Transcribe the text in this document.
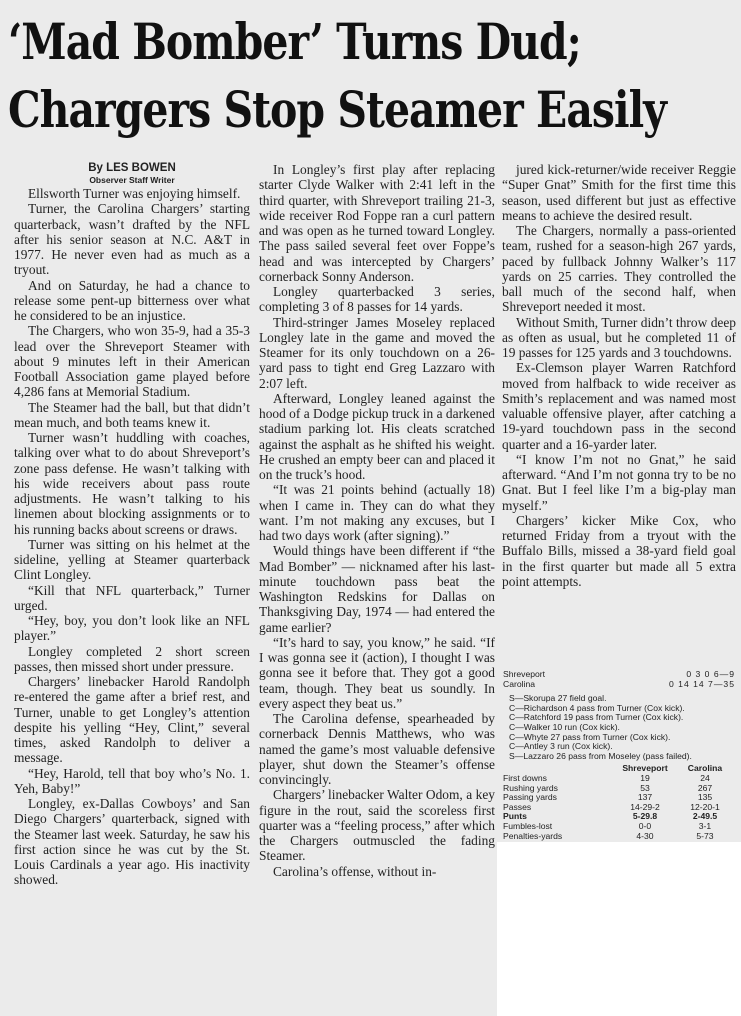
‘Mad Bomber’ Turns Dud;
Chargers Stop Steamer Easily
By LES BOWEN
Observer Staff Writer

Ellsworth Turner was enjoying himself.

Turner, the Carolina Chargers’ starting quarterback, wasn’t drafted by the NFL after his senior season at N.C. A&T in 1977. He never even had as much as a tryout.

And on Saturday, he had a chance to release some pent-up bitterness over what he considered to be an injustice.

The Chargers, who won 35-9, had a 35-3 lead over the Shreveport Steamer with about 9 minutes left in their American Football Association game played before 4,286 fans at Memorial Stadium.

The Steamer had the ball, but that didn’t mean much, and both teams knew it.

Turner wasn’t huddling with coaches, talking over what to do about Shreveport’s zone pass defense. He wasn’t talking with his wide receivers about pass route adjustments. He wasn’t talking to his linemen about blocking assignments or to his running backs about screens or draws.

Turner was sitting on his helmet at the sideline, yelling at Steamer quarterback Clint Longley.

“Kill that NFL quarterback,” Turner urged.

“Hey, boy, you don’t look like an NFL player.”

Longley completed 2 short screen passes, then missed short under pressure.

Chargers’ linebacker Harold Randolph re-entered the game after a brief rest, and Turner, unable to get Longley’s attention despite his yelling “Hey, Clint,” several times, asked Randolph to deliver a message.

“Hey, Harold, tell that boy who’s No. 1. Yeh, Baby!”

Longley, ex-Dallas Cowboys’ and San Diego Chargers’ quarterback, signed with the Steamer last week. Saturday, he saw his first action since he was cut by the St. Louis Cardinals a year ago. His inactivity showed.

In Longley’s first play after replacing starter Clyde Walker with 2:41 left in the third quarter, with Shreveport trailing 21-3, wide receiver Rod Foppe ran a curl pattern and was open as he turned toward Longley. The pass sailed several feet over Foppe’s head and was intercepted by Chargers’ cornerback Sonny Anderson.

Longley quarterbacked 3 series, completing 3 of 8 passes for 14 yards.

Third-stringer James Moseley replaced Longley late in the game and moved the Steamer for its only touchdown on a 26-yard pass to tight end Greg Lazzaro with 2:07 left.

Afterward, Longley leaned against the hood of a Dodge pickup truck in a darkened stadium parking lot. His cleats scratched against the asphalt as he shifted his weight. He crushed an empty beer can and placed it on the truck’s hood.

“It was 21 points behind (actually 18) when I came in. They can do what they want. I’m not making any excuses, but I had two days work (after signing).”

Would things have been different if “the Mad Bomber” — nicknamed after his last-minute touchdown pass beat the Washington Redskins for Dallas on Thanksgiving Day, 1974 — had entered the game earlier?

“It’s hard to say, you know,” he said. “If I was gonna see it (action), I thought I was gonna see it before that. They got a good team, though. They beat us soundly. In every aspect they beat us.”

The Carolina defense, spearheaded by cornerback Dennis Matthews, who was named the game’s most valuable defensive player, shut down the Steamer’s offense convincingly.

Chargers’ linebacker Walter Odom, a key figure in the rout, said the scoreless first quarter was a “feeling process,” after which the Chargers outmuscled the fading Steamer.

Carolina’s offense, without in-

jured kick-returner/wide receiver Reggie “Super Gnat” Smith for the first time this season, used different but just as effective means to achieve the desired result.

The Chargers, normally a pass-oriented team, rushed for a season-high 267 yards, paced by fullback Johnny Walker’s 117 yards on 25 carries. They controlled the ball much of the second half, when Shreveport needed it most.

Without Smith, Turner didn’t throw deep as often as usual, but he completed 11 of 19 passes for 125 yards and 3 touchdowns.

Ex-Clemson player Warren Ratchford moved from halfback to wide receiver as Smith’s replacement and was named most valuable offensive player, after catching a 19-yard touchdown pass in the second quarter and a 16-yarder later.

“I know I’m not no Gnat,” he said afterward. “And I’m not gonna try to be no Gnat. But I feel like I’m a big-play man myself.”

Chargers’ kicker Mike Cox, who returned Friday from a tryout with the Buffalo Bills, missed a 38-yard field goal in the first quarter but made all 5 extra point attempts.

Shreveport	0 3 0 6—9
Carolina	0 14 14 7—35
S—Skorupa 27 field goal.
C—Richardson 4 pass from Turner (Cox kick).
C—Ratchford 19 pass from Turner (Cox kick).
C—Walker 10 run (Cox kick).
C—Whyte 27 pass from Turner (Cox kick).
C—Antley 3 run (Cox kick).
S—Lazzaro 26 pass from Moseley (pass failed).
Shreveport	Carolina
First downs	19	24
Rushing yards	53	267
Passing yards	137	135
Passes	14-29-2	12-20-1
Punts	5-29.8	2-49.5
Fumbles-lost	0-0	3-1
Penalties-yards	4-30	5-73
